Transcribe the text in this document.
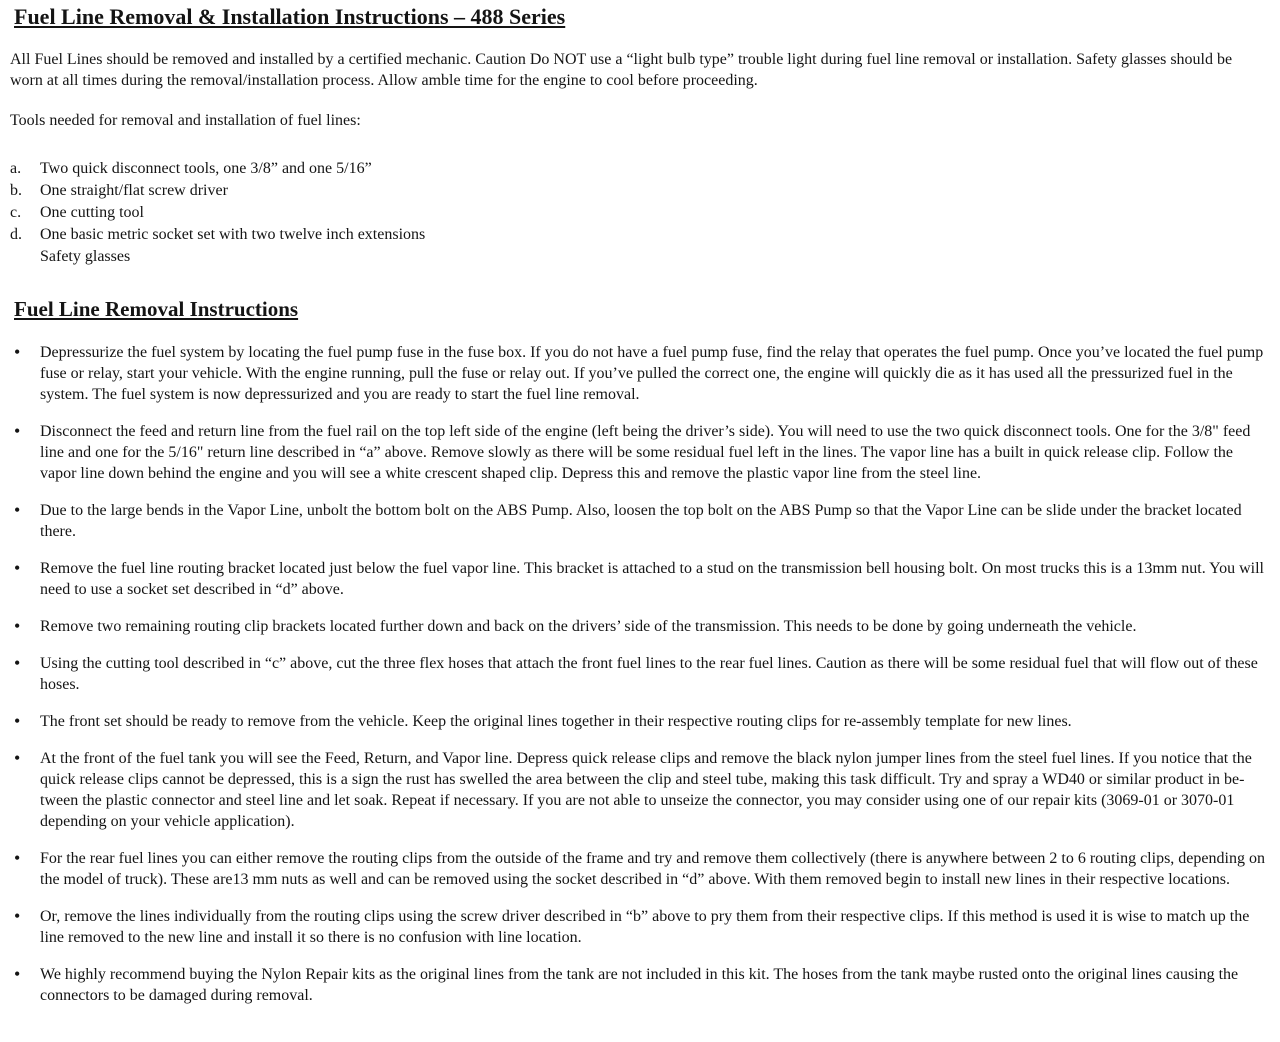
Fuel Line Removal & Installation Instructions – 488 Series

All Fuel Lines should be removed and installed by a certified mechanic. Caution Do NOT use a “light bulb type” trouble light during fuel line removal or installation. Safety glasses should be worn at all times during the removal/installation process. Allow amble time for the engine to cool before proceeding.

Tools needed for removal and installation of fuel lines:

a.	Two quick disconnect tools, one 3/8” and one 5/16”
b.	One straight/flat screw driver
c.	One cutting tool
d.	One basic metric socket set with two twelve inch extensions
Safety glasses
Fuel Line Removal Instructions
•
Depressurize the fuel system by locating the fuel pump fuse in the fuse box. If you do not have a fuel pump fuse, find the relay that operates the fuel pump. Once you’ve located the fuel pump fuse or relay, start your vehicle. With the engine running, pull the fuse or relay out. If you’ve pulled the correct one, the engine will quickly die as it has used all the pressurized fuel in the system. The fuel system is now depressurized and you are ready to start the fuel line removal.
•
Disconnect the feed and return line from the fuel rail on the top left side of the engine (left being the driver’s side). You will need to use the two quick disconnect tools. One for the 3/8" feed line and one for the 5/16" return line described in “a” above. Remove slowly as there will be some residual fuel left in the lines. The vapor line has a built in quick release clip. Follow the vapor line down behind the engine and you will see a white crescent shaped clip. Depress this and remove the plastic vapor line from the steel line.
•
Due to the large bends in the Vapor Line, unbolt the bottom bolt on the ABS Pump. Also, loosen the top bolt on the ABS Pump so that the Vapor Line can be slide under the bracket located there.
•
Remove the fuel line routing bracket located just below the fuel vapor line. This bracket is attached to a stud on the transmission bell housing bolt. On most trucks this is a 13mm nut. You will need to use a socket set described in “d” above.
•
Remove two remaining routing clip brackets located further down and back on the drivers’ side of the transmission. This needs to be done by going underneath the vehicle.
•
Using the cutting tool described in “c” above, cut the three flex hoses that attach the front fuel lines to the rear fuel lines. Caution as there will be some residual fuel that will flow out of these hoses.
•
The front set should be ready to remove from the vehicle. Keep the original lines together in their respective routing clips for re-assembly template for new lines.
•
At the front of the fuel tank you will see the Feed, Return, and Vapor line. Depress quick release clips and remove the black nylon jumper lines from the steel fuel lines. If you notice that the quick release clips cannot be depressed, this is a sign the rust has swelled the area between the clip and steel tube, making this task difficult. Try and spray a WD40 or similar product in be-tween the plastic connector and steel line and let soak. Repeat if necessary. If you are not able to unseize the connector, you may consider using one of our repair kits (3069-01 or 3070-01 depending on your vehicle application).
•
For the rear fuel lines you can either remove the routing clips from the outside of the frame and try and remove them collectively (there is anywhere between 2 to 6 routing clips, depending on the model of truck). These are13 mm nuts as well and can be removed using the socket described in “d” above. With them removed begin to install new lines in their respective locations.
•
Or, remove the lines individually from the routing clips using the screw driver described in “b” above to pry them from their respective clips. If this method is used it is wise to match up the line removed to the new line and install it so there is no confusion with line location.
•
We highly recommend buying the Nylon Repair kits as the original lines from the tank are not included in this kit. The hoses from the tank maybe rusted onto the original lines causing the connectors to be damaged during removal.
